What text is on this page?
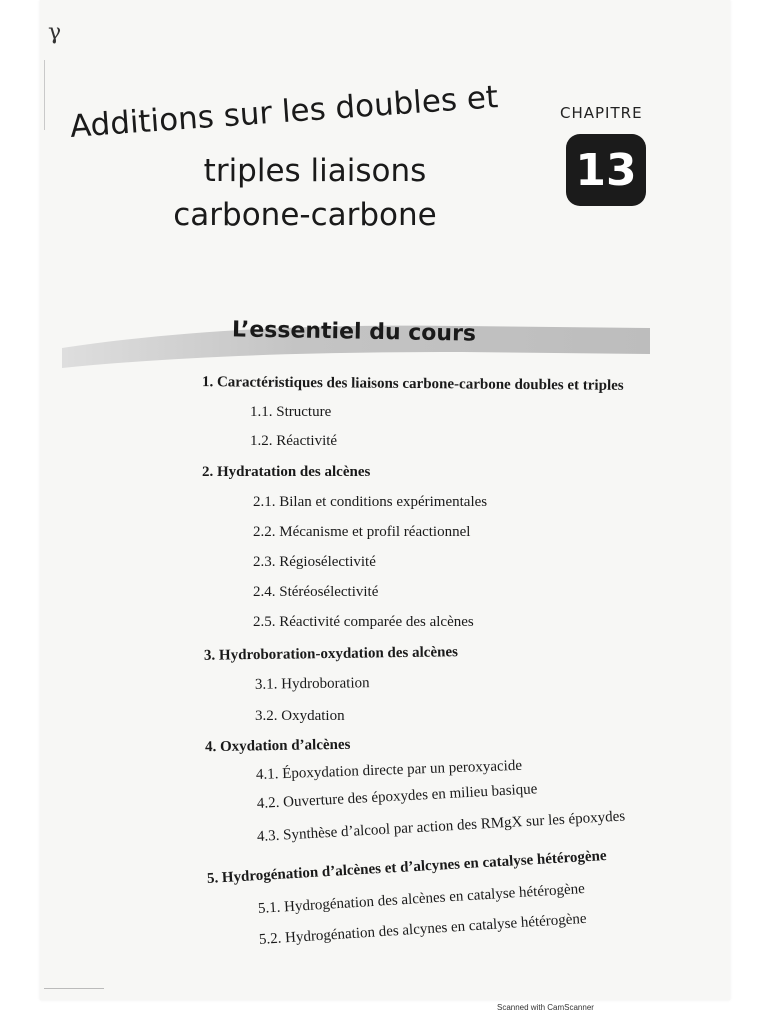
γ
Additions sur les doubles et
triples liaisons
carbone-carbone
CHAPITRE
13
L’essentiel du cours
1. Caractéristiques des liaisons carbone-carbone doubles et triples
1.1. Structure
1.2. Réactivité
2. Hydratation des alcènes
2.1. Bilan et conditions expérimentales
2.2. Mécanisme et profil réactionnel
2.3. Régiosélectivité
2.4. Stéréosélectivité
2.5. Réactivité comparée des alcènes
3. Hydroboration-oxydation des alcènes
3.1. Hydroboration
3.2. Oxydation
4. Oxydation d’alcènes
4.1. Époxydation directe par un peroxyacide
4.2. Ouverture des époxydes en milieu basique
4.3. Synthèse d’alcool par action des RMgX sur les époxydes
5. Hydrogénation d’alcènes et d’alcynes en catalyse hétérogène
5.1. Hydrogénation des alcènes en catalyse hétérogène
5.2. Hydrogénation des alcynes en catalyse hétérogène
Scanned with CamScanner
